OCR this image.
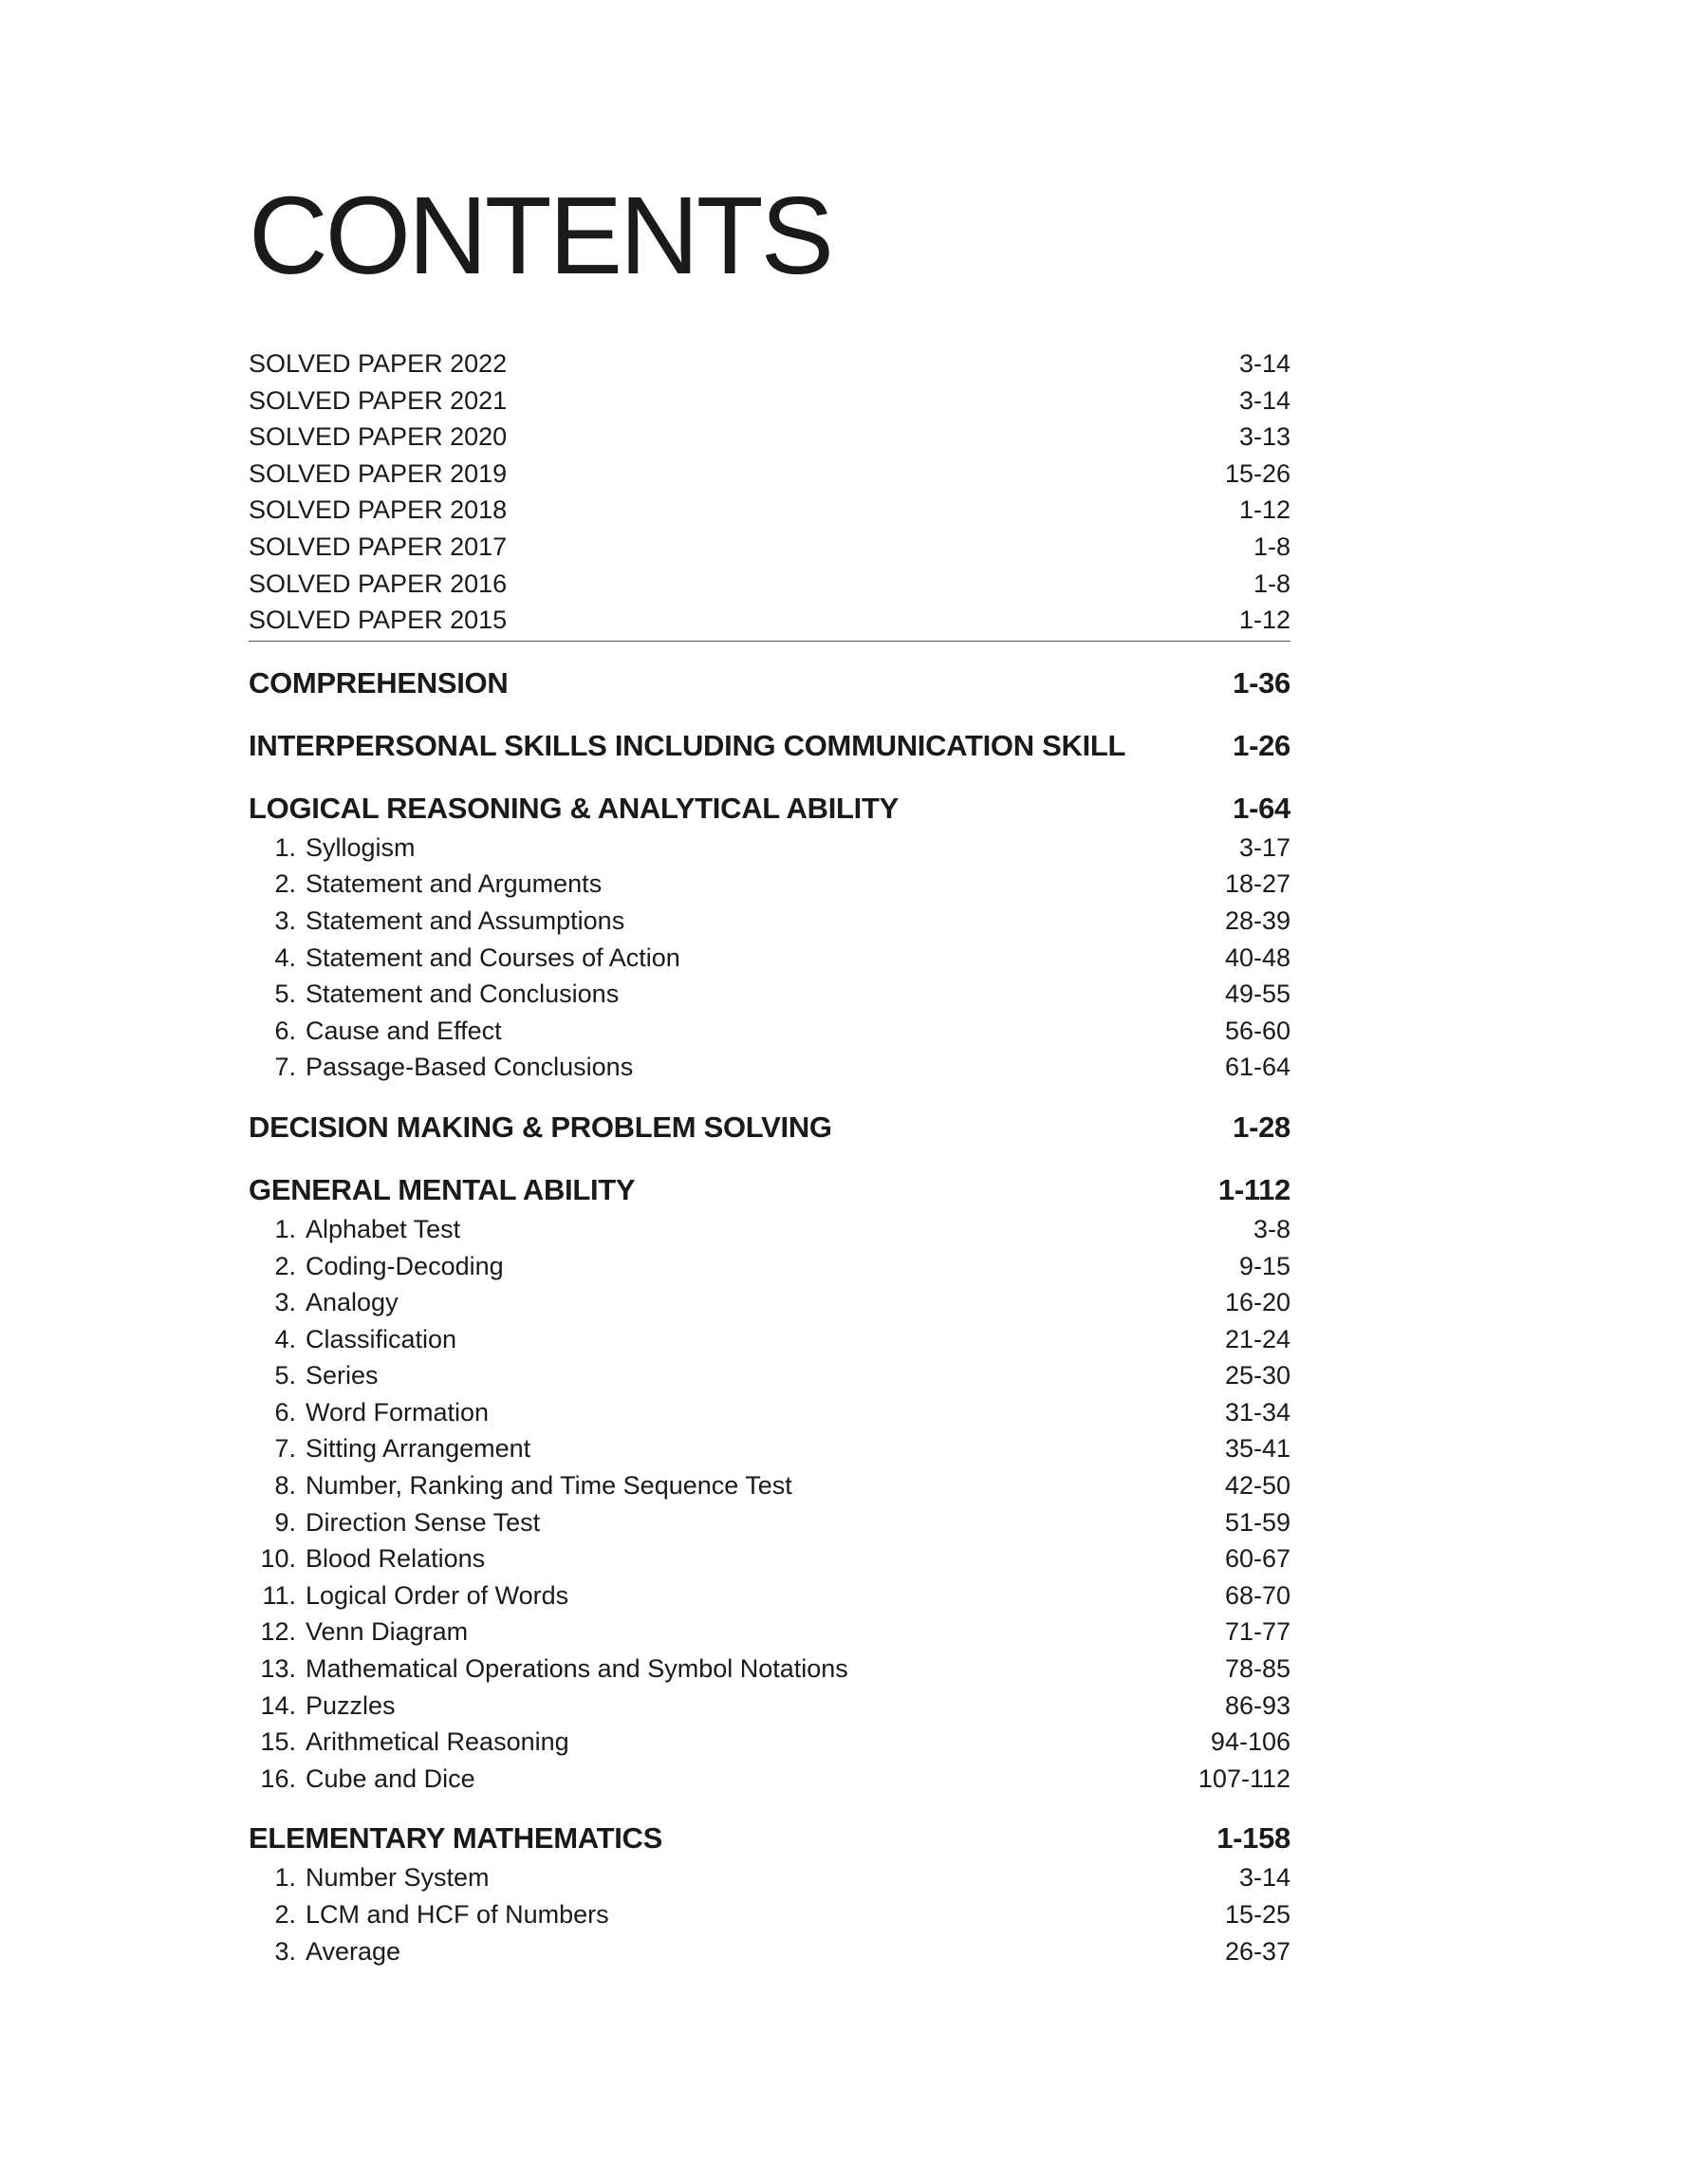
CONTENTS
SOLVED PAPER 2022	3-14
SOLVED PAPER 2021	3-14
SOLVED PAPER 2020	3-13
SOLVED PAPER 2019	15-26
SOLVED PAPER 2018	1-12
SOLVED PAPER 2017	1-8
SOLVED PAPER 2016	1-8
SOLVED PAPER 2015	1-12
COMPREHENSION	1-36
INTERPERSONAL SKILLS INCLUDING COMMUNICATION SKILL	1-26
LOGICAL REASONING & ANALYTICAL ABILITY	1-64
1. Syllogism	3-17
2. Statement and Arguments	18-27
3. Statement and Assumptions	28-39
4. Statement and Courses of Action	40-48
5. Statement and Conclusions	49-55
6. Cause and Effect	56-60
7. Passage-Based Conclusions	61-64
DECISION MAKING & PROBLEM SOLVING	1-28
GENERAL MENTAL ABILITY	1-112
1. Alphabet Test	3-8
2. Coding-Decoding	9-15
3. Analogy	16-20
4. Classification	21-24
5. Series	25-30
6. Word Formation	31-34
7. Sitting Arrangement	35-41
8. Number, Ranking and Time Sequence Test	42-50
9. Direction Sense Test	51-59
10. Blood Relations	60-67
11. Logical Order of Words	68-70
12. Venn Diagram	71-77
13. Mathematical Operations and Symbol Notations	78-85
14. Puzzles	86-93
15. Arithmetical Reasoning	94-106
16. Cube and Dice	107-112
ELEMENTARY MATHEMATICS	1-158
1. Number System	3-14
2. LCM and HCF of Numbers	15-25
3. Average	26-37
